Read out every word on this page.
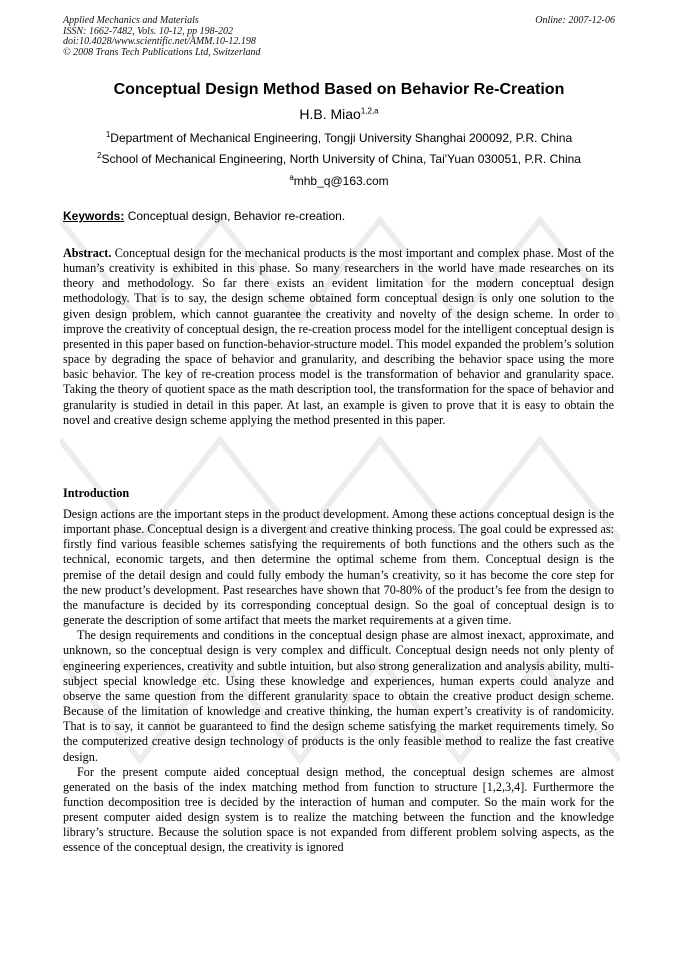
Applied Mechanics and Materials
ISSN: 1662-7482, Vols. 10-12, pp 198-202
doi:10.4028/www.scientific.net/AMM.10-12.198
© 2008 Trans Tech Publications Ltd, Switzerland
Online: 2007-12-06
Conceptual Design Method Based on Behavior Re-Creation
H.B. Miao$^{1,2,a}$
$^1$Department of Mechanical Engineering, Tongji University Shanghai 200092, P.R. China
$^2$School of Mechanical Engineering, North University of China, Tai'Yuan 030051, P.R. China
$^a$mhb_q@163.com
Keywords: Conceptual design, Behavior re-creation.
Abstract. Conceptual design for the mechanical products is the most important and complex phase. Most of the human’s creativity is exhibited in this phase. So many researchers in the world have made researches on its theory and methodology. So far there exists an evident limitation for the modern conceptual design methodology. That is to say, the design scheme obtained form conceptual design is only one solution to the given design problem, which cannot guarantee the creativity and novelty of the design scheme. In order to improve the creativity of conceptual design, the re-creation process model for the intelligent conceptual design is presented in this paper based on function-behavior-structure model. This model expanded the problem’s solution space by degrading the space of behavior and granularity, and describing the behavior space using the more basic behavior. The key of re-creation process model is the transformation of behavior and granularity space. Taking the theory of quotient space as the math description tool, the transformation for the space of behavior and granularity is studied in detail in this paper. At last, an example is given to prove that it is easy to obtain the novel and creative design scheme applying the method presented in this paper.
Introduction

Design actions are the important steps in the product development. Among these actions conceptual design is the important phase. Conceptual design is a divergent and creative thinking process. The goal could be expressed as: firstly find various feasible schemes satisfying the requirements of both functions and the others such as the technical, economic targets, and then determine the optimal scheme from them. Conceptual design is the premise of the detail design and could fully embody the human’s creativity, so it has become the core step for the new product’s development. Past researches have shown that 70-80% of the product’s fee from the design to the manufacture is decided by its corresponding conceptual design. So the goal of conceptual design is to generate the description of some artifact that meets the market requirements at a given time.

The design requirements and conditions in the conceptual design phase are almost inexact, approximate, and unknown, so the conceptual design is very complex and difficult. Conceptual design needs not only plenty of engineering experiences, creativity and subtle intuition, but also strong generalization and analysis ability, multi-subject special knowledge etc. Using these knowledge and experiences, human experts could analyze and observe the same question from the different granularity space to obtain the creative product design scheme. Because of the limitation of knowledge and creative thinking, the human expert’s creativity is of randomicity. That is to say, it cannot be guaranteed to find the design scheme satisfying the market requirements timely. So the computerized creative design technology of products is the only feasible method to realize the fast creative design.

For the present compute aided conceptual design method, the conceptual design schemes are almost generated on the basis of the index matching method from function to structure [1,2,3,4]. Furthermore the function decomposition tree is decided by the interaction of human and computer. So the main work for the present computer aided design system is to realize the matching between the function and the knowledge library’s structure. Because the solution space is not expanded from different problem solving aspects, as the essence of the conceptual design, the creativity is ignored
